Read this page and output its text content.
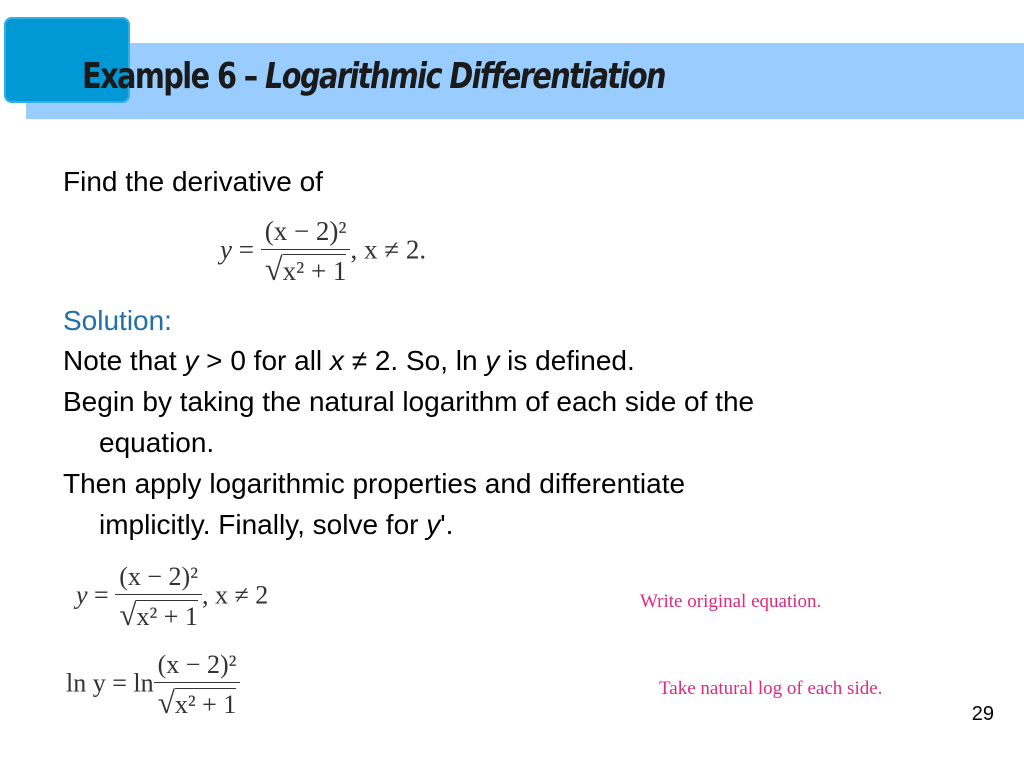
Example 6 – Logarithmic Differentiation
Find the derivative of
$y = \frac{\text{(x − 2)²}}{\text{√x² + 1}}$ , x ≠ 2.
Solution:
Note that y > 0 for all x ≠ 2. So, ln y is defined.
Begin by taking the natural logarithm of each side of the
equation.
Then apply logarithmic properties and differentiate
implicitly. Finally, solve for y'.
$y = \frac{\text{(x − 2)²}}{\text{√x² + 1}}$ , x ≠ 2	Write original equation.
$\ln y = \ln \frac{\text{(x − 2)²}}{\text{√x² + 1}}$	Take natural log of each side.
29
